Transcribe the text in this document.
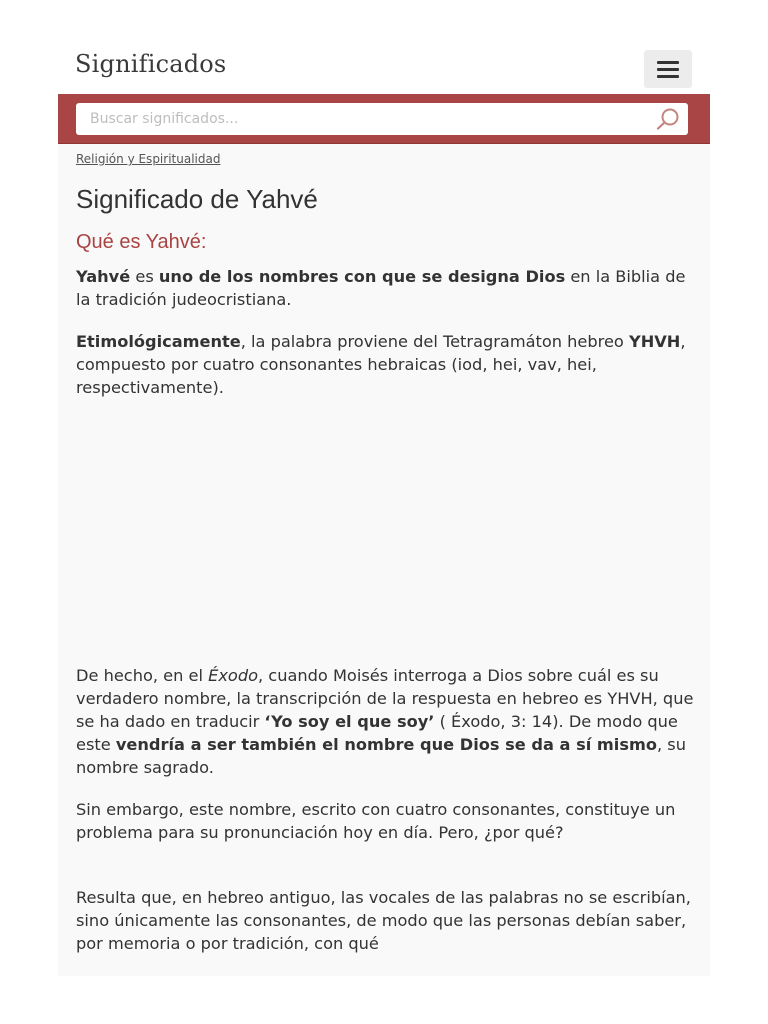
Significados
Buscar significados...
Religión y Espiritualidad
Significado de Yahvé
Qué es Yahvé:

Yahvé es uno de los nombres con que se designa Dios en la Biblia de la tradición judeocristiana.

Etimológicamente, la palabra proviene del Tetragramáton hebreo YHVH, compuesto por cuatro consonantes hebraicas (iod, hei, vav, hei, respectivamente).

De hecho, en el Éxodo, cuando Moisés interroga a Dios sobre cuál es su verdadero nombre, la transcripción de la respuesta en hebreo es YHVH, que se ha dado en traducir ‘Yo soy el que soy’ ( Éxodo, 3: 14). De modo que este vendría a ser también el nombre que Dios se da a sí mismo, su nombre sagrado.

Sin embargo, este nombre, escrito con cuatro consonantes, constituye un problema para su pronunciación hoy en día. Pero, ¿por qué?

Resulta que, en hebreo antiguo, las vocales de las palabras no se escribían, sino únicamente las consonantes, de modo que las personas debían saber, por memoria o por tradición, con qué
